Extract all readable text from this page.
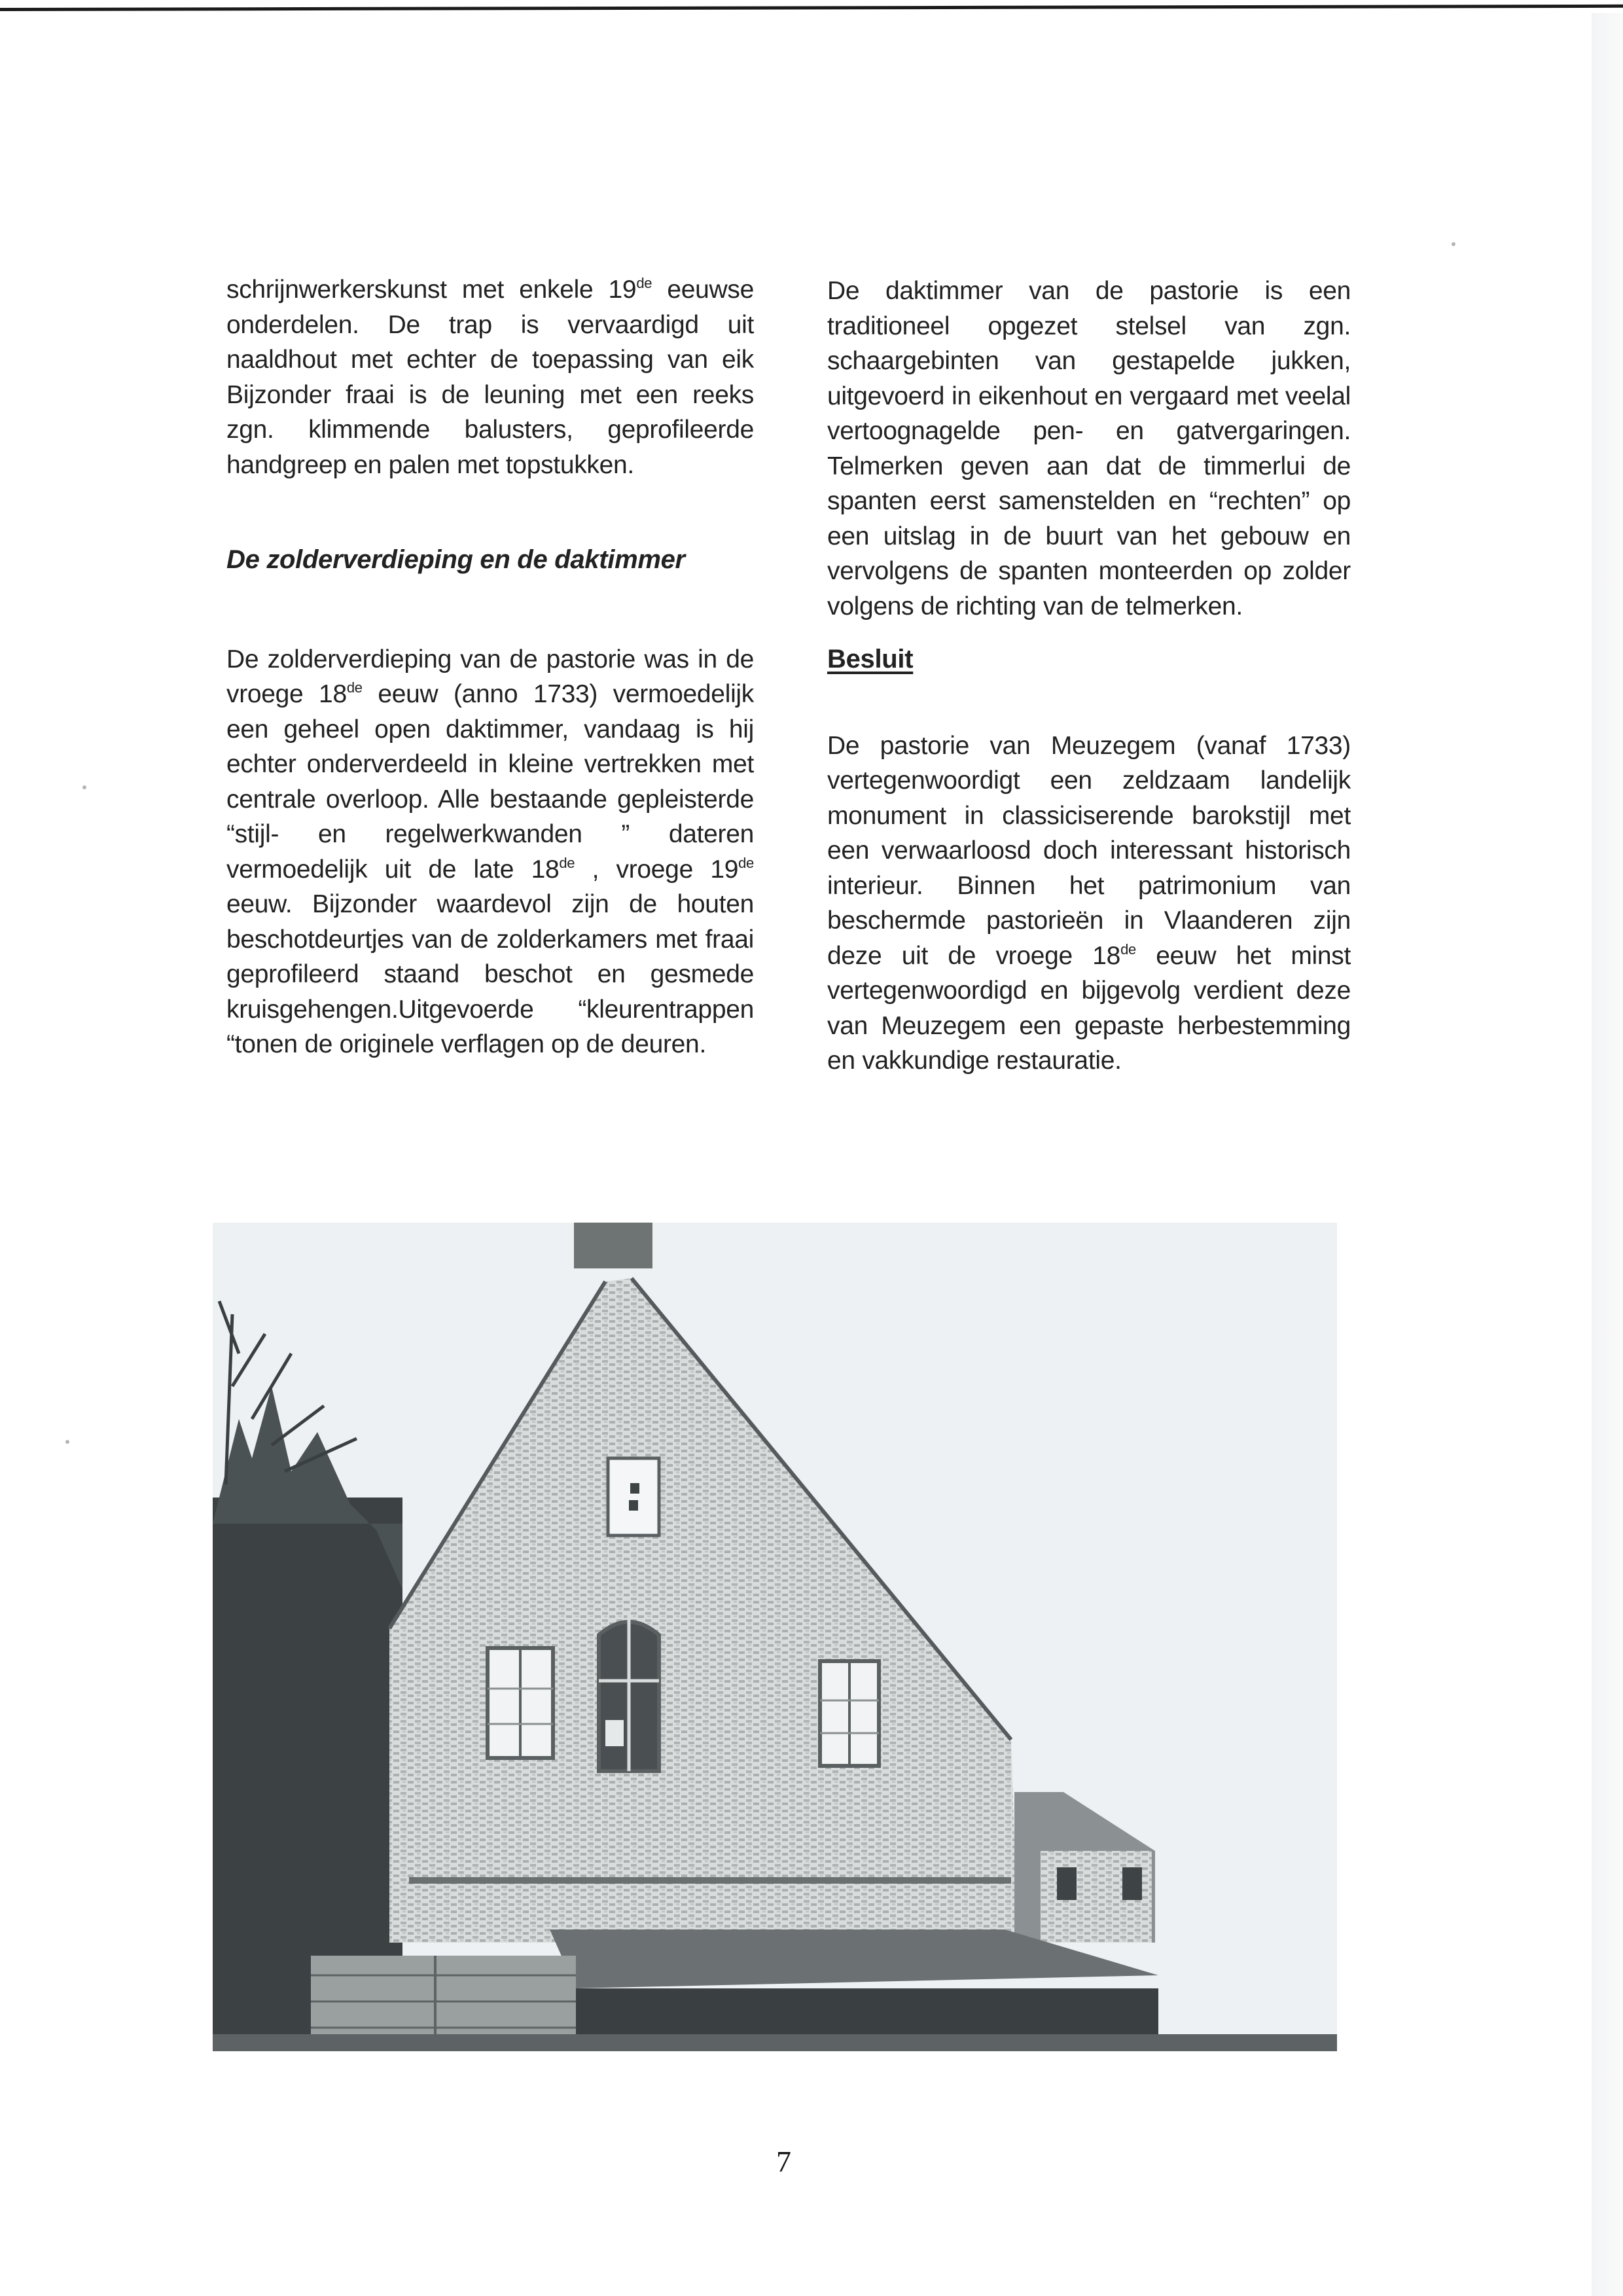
schrijnwerkerskunst met enkele 19de eeuwse onderdelen. De trap is vervaardigd uit naaldhout met echter de toepassing van eik Bijzonder fraai is de leuning met een reeks zgn. klimmende balusters, geprofileerde handgreep en palen met topstukken.

De zolderverdieping en de daktimmer

De zolderverdieping van de pastorie was in de vroege 18de eeuw (anno 1733) vermoedelijk een geheel open daktimmer, vandaag is hij echter onderverdeeld in kleine vertrekken met centrale overloop. Alle bestaande gepleisterde “stijl- en regelwerkwanden ” dateren vermoedelijk uit de late 18de , vroege 19de eeuw. Bijzonder waardevol zijn de houten beschotdeurtjes van de zolderkamers met fraai geprofileerd staand beschot en gesmede kruisgehengen.Uitgevoerde “kleurentrappen “tonen de originele verflagen op de deuren.

De daktimmer van de pastorie is een traditioneel opgezet stelsel van zgn. schaargebinten van gestapelde jukken, uitgevoerd in eikenhout en vergaard met veelal vertoognagelde pen- en gatvergaringen. Telmerken geven aan dat de timmerlui de spanten eerst samenstelden en “rechten” op een uitslag in de buurt van het gebouw en vervolgens de spanten monteerden op zolder volgens de richting van de telmerken.

Besluit

De pastorie van Meuzegem (vanaf 1733) vertegenwoordigt een zeldzaam landelijk monument in classiciserende barokstijl met een verwaarloosd doch interessant historisch interieur. Binnen het patrimonium van beschermde pastorieën in Vlaanderen zijn deze uit de vroege 18de eeuw het minst vertegenwoordigd en bijgevolg verdient deze van Meuzegem een gepaste herbestemming en vakkundige restauratie.

7
